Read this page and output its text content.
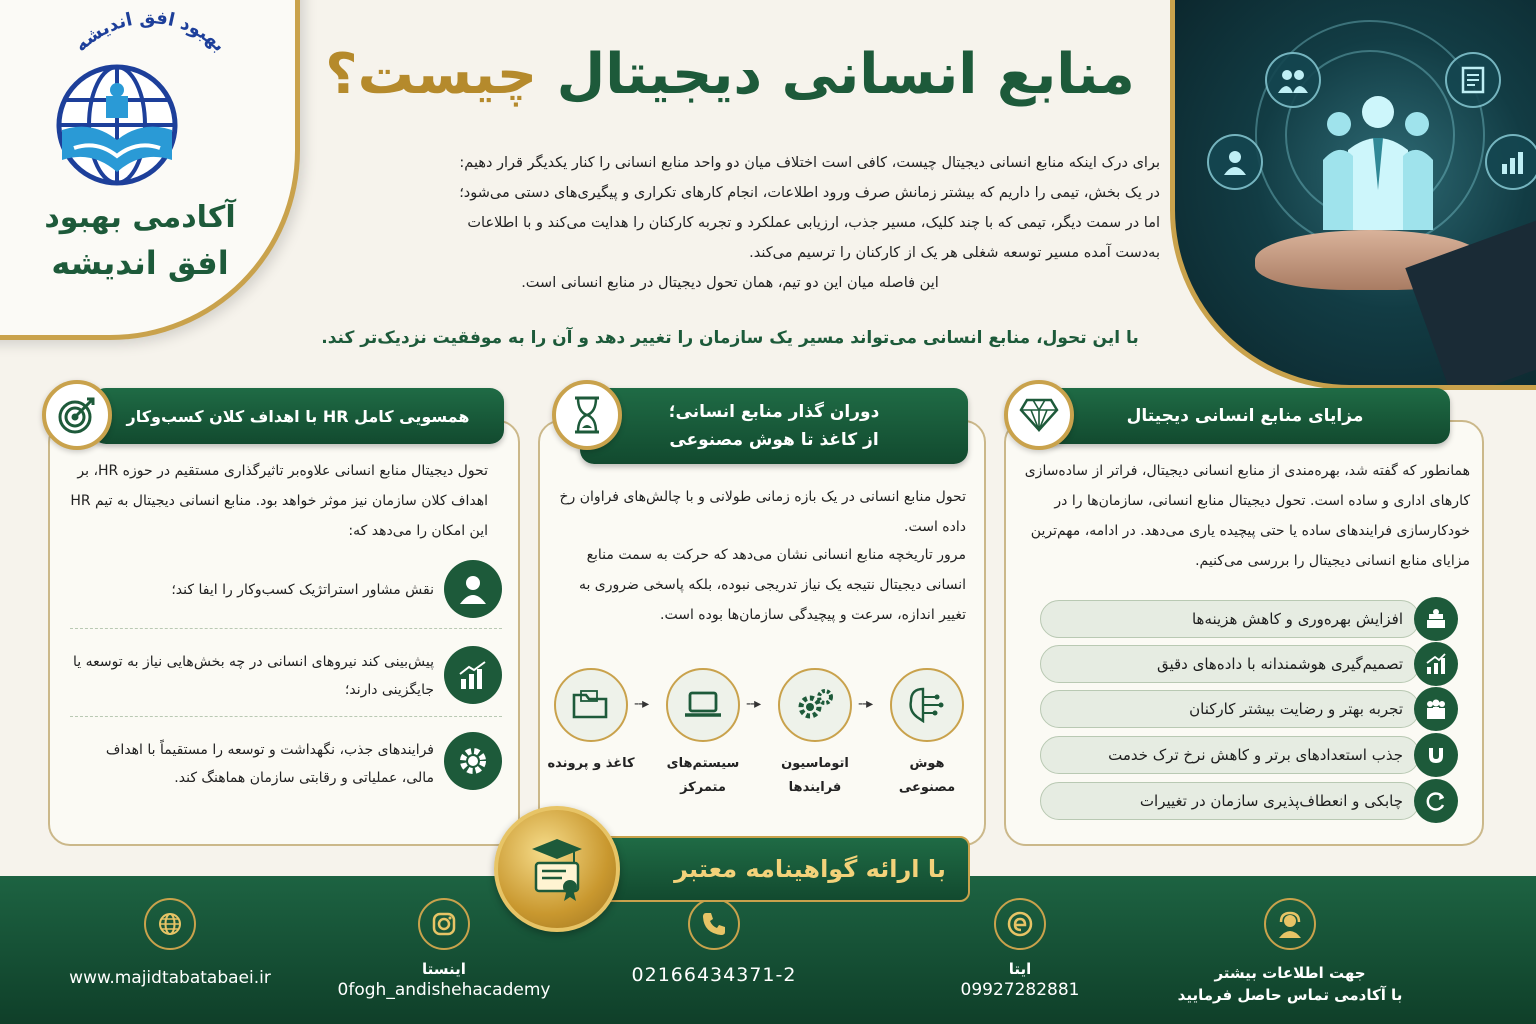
بهبود افق اندیشه
آکادمی بهبود
افق اندیشه
منابع انسانی دیجیتال چیست؟
برای درک اینکه منابع انسانی دیجیتال چیست، کافی است اختلاف میان دو واحد منابع انسانی را کنار یکدیگر قرار دهیم:
در یک بخش، تیمی را داریم که بیشتر زمانش صرف ورود اطلاعات، انجام کارهای تکراری و پیگیری‌های دستی می‌شود؛
اما در سمت دیگر، تیمی که با چند کلیک، مسیر جذب، ارزیابی عملکرد و تجربه کارکنان را هدایت می‌کند و با اطلاعات
به‌دست آمده مسیر توسعه شغلی هر یک از کارکنان را ترسیم می‌کند.
این فاصله میان این دو تیم، همان تحول دیجیتال در منابع انسانی است.
با این تحول، منابع انسانی می‌تواند مسیر یک سازمان را تغییر دهد و آن را به موفقیت نزدیک‌تر کند.
مزایای منابع انسانی دیجیتال
همانطور که گفته شد، بهره‌مندی از منابع انسانی دیجیتال، فراتر از ساده‌سازی کارهای اداری و ساده است. تحول دیجیتال منابع انسانی، سازمان‌ها را در خودکارسازی فرایندهای ساده یا حتی پیچیده یاری می‌دهد. در ادامه، مهم‌ترین مزایای منابع انسانی دیجیتال را بررسی می‌کنیم.
افزایش بهره‌وری و کاهش هزینه‌ها
تصمیم‌گیری هوشمندانه با داده‌های دقیق
تجربه بهتر و رضایت بیشتر کارکنان
جذب استعدادهای برتر و کاهش نرخ ترک خدمت
چابکی و انعطاف‌پذیری سازمان در تغییرات
دوران گذار منابع انسانی؛
از کاغذ تا هوش مصنوعی
تحول منابع انسانی در یک بازه زمانی طولانی و با چالش‌های فراوان رخ داده است.
مرور تاریخچه منابع انسانی نشان می‌دهد که حرکت به سمت منابع انسانی دیجیتال نتیجه یک نیاز تدریجی نبوده، بلکه پاسخی ضروری به تغییر اندازه، سرعت و پیچیدگی سازمان‌ها بوده است.
--▸
--▸
--▸
هوش
مصنوعی
اتوماسیون
فرایندها
سیستم‌های
متمرکز
کاغذ و پرونده
همسویی کامل HR با اهداف کلان کسب‌وکار
تحول دیجیتال منابع انسانی علاوه‌بر تاثیرگذاری مستقیم در حوزه HR، بر اهداف کلان سازمان نیز موثر خواهد بود. منابع انسانی دیجیتال به تیم HR این امکان را می‌دهد که:
نقش مشاور استراتژیک کسب‌وکار را ایفا کند؛
پیش‌بینی کند نیروهای انسانی در چه بخش‌هایی نیاز به توسعه یا جایگزینی دارند؛
فرایندهای جذب، نگهداشت و توسعه را مستقیماً با اهداف مالی، عملیاتی و رقابتی سازمان هماهنگ کند.
جهت اطلاعات بیشتر
با آکادمی تماس حاصل فرمایید
ایتا
09927282881
02166434371-2
اینستا
0fogh_andishehacademy
www.majidtabatabaei.ir
با ارائه گواهینامه معتبر
